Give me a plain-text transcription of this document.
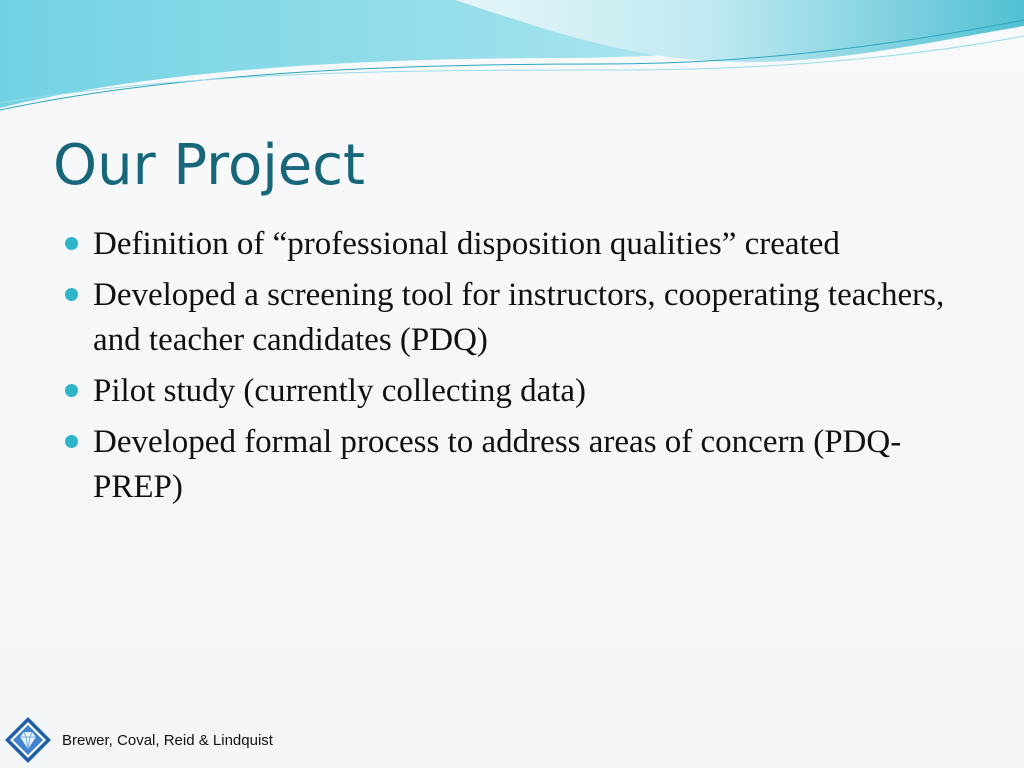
Our Project
Definition of “professional disposition qualities” created
Developed a screening tool for instructors, cooperating teachers, and teacher candidates (PDQ)
Pilot study (currently collecting data)
Developed formal process to address areas of concern (PDQ-PREP)
Brewer, Coval, Reid & Lindquist
